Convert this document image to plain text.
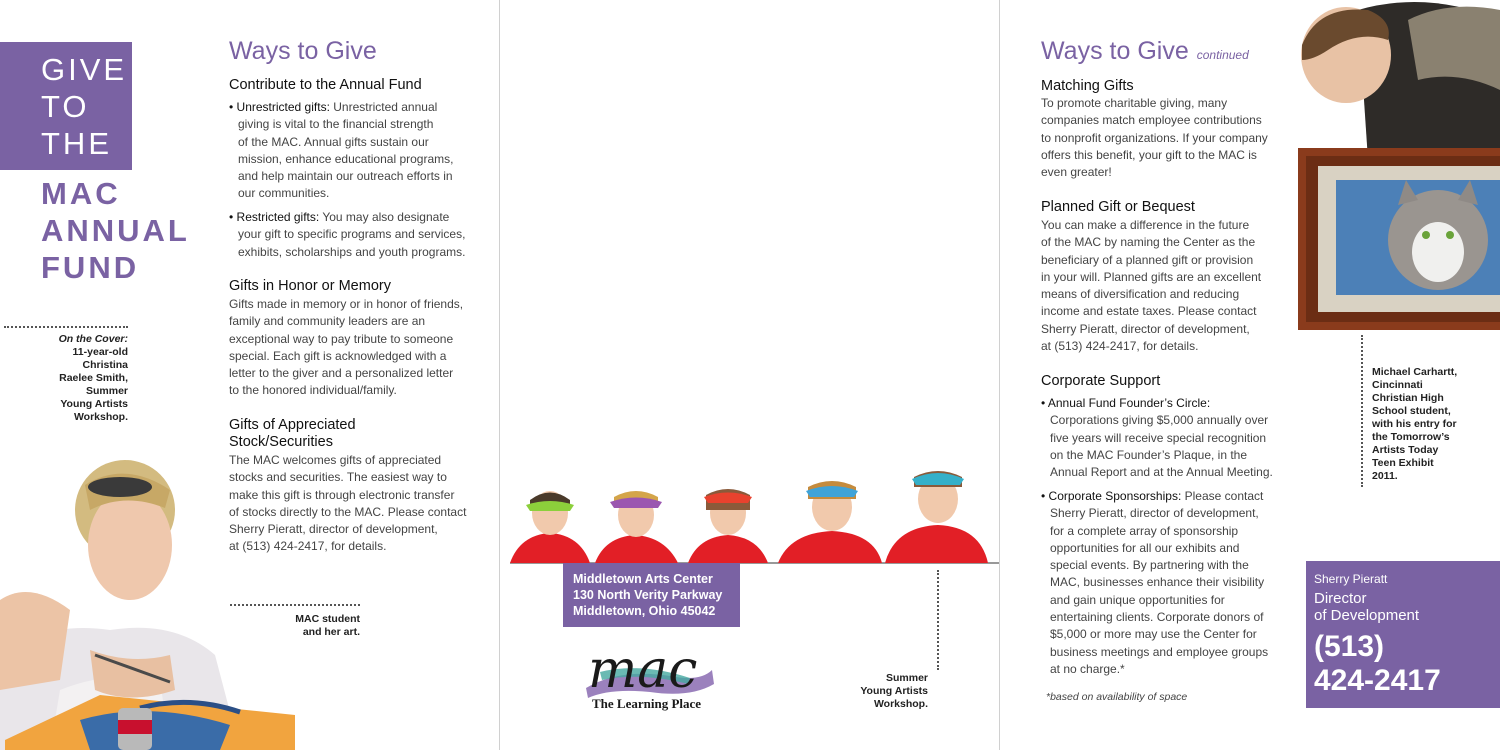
GIVE
TO
THE
MAC
ANNUAL
FUND
On the Cover:
11-year-old
Christina
Raelee Smith,
Summer
Young Artists
Workshop.
Ways to Give
Contribute to the Annual Fund
• Unrestricted gifts: Unrestricted annual
giving is vital to the financial strength
of the MAC. Annual gifts sustain our
mission, enhance educational programs,
and help maintain our outreach efforts in
our communities.
• Restricted gifts: You may also designate
your gift to specific programs and services,
exhibits, scholarships and youth programs.
Gifts in Honor or Memory
Gifts made in memory or in honor of friends,
family and community leaders are an
exceptional way to pay tribute to someone
special. Each gift is acknowledged with a
letter to the giver and a personalized letter
to the honored individual/family.
Gifts of Appreciated
Stock/Securities
The MAC welcomes gifts of appreciated
stocks and securities. The easiest way to
make this gift is through electronic transfer
of stocks directly to the MAC. Please contact
Sherry Pieratt, director of development,
at (513) 424-2417, for details.
MAC student
and her art.
Summer
Young Artists
Workshop.
Middletown Arts Center
130 North Verity Parkway
Middletown, Ohio 45042
mac
The Learning Place
Ways to Give continued
Matching Gifts
To promote charitable giving, many
companies match employee contributions
to nonprofit organizations. If your company
offers this benefit, your gift to the MAC is
even greater!
Planned Gift or Bequest
You can make a difference in the future
of the MAC by naming the Center as the
beneficiary of a planned gift or provision
in your will. Planned gifts are an excellent
means of diversification and reducing
income and estate taxes. Please contact
Sherry Pieratt, director of development,
at (513) 424-2417, for details.
Corporate Support
• Annual Fund Founder’s Circle:
Corporations giving $5,000 annually over
five years will receive special recognition
on the MAC Founder’s Plaque, in the
Annual Report and at the Annual Meeting.
• Corporate Sponsorships: Please contact
Sherry Pieratt, director of development,
for a complete array of sponsorship
opportunities for all our exhibits and
special events. By partnering with the
MAC, businesses enhance their visibility
and gain unique opportunities for
entertaining clients. Corporate donors of
$5,000 or more may use the Center for
business meetings and employee groups
at no charge.*
*based on availability of space
Michael Carhartt,
Cincinnati
Christian High
School student,
with his entry for
the Tomorrow’s
Artists Today
Teen Exhibit
2011.
Sherry Pieratt
Director
of Development
(513)
424-2417
